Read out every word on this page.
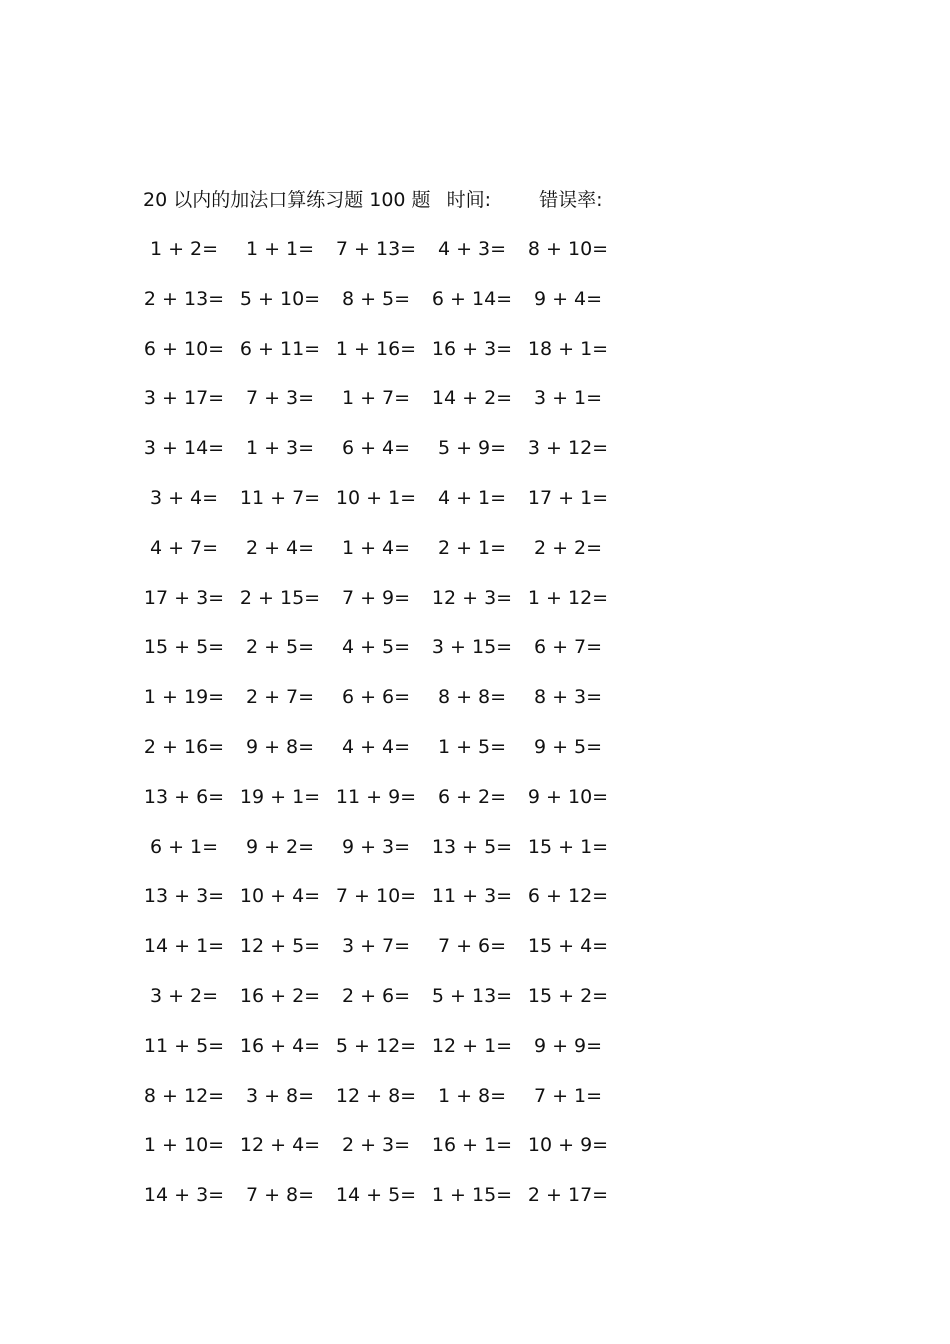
20 以内的加法口算练习题 100 题 时间:	错误率:
1 + 2=	1 + 1=	7 + 13=	4 + 3=	8 + 10=
2 + 13= 5 + 10=	8 + 5=	6 + 14=	9 + 4=
6 + 10= 6 + 11= 1 + 16= 16 + 3= 18 + 1=
3 + 17=	7 + 3=	1 + 7=	14 + 2=	3 + 1=
3 + 14=	1 + 3=	6 + 4=	5 + 9=	3 + 12=
3 + 4=	11 + 7= 10 + 1=	4 + 1=	17 + 1=
4 + 7=	2 + 4=	1 + 4=	2 + 1=	2 + 2=
17 + 3= 2 + 15=	7 + 9=	12 + 3= 1 + 12=
15 + 5=	2 + 5=	4 + 5=	3 + 15=	6 + 7=
1 + 19=	2 + 7=	6 + 6=	8 + 8=	8 + 3=
2 + 16=	9 + 8=	4 + 4=	1 + 5=	9 + 5=
13 + 6= 19 + 1= 11 + 9=	6 + 2=	9 + 10=
6 + 1=	9 + 2=	9 + 3=	13 + 5= 15 + 1=
13 + 3= 10 + 4= 7 + 10= 11 + 3= 6 + 12=
14 + 1= 12 + 5=	3 + 7=	7 + 6=	15 + 4=
3 + 2=	16 + 2=	2 + 6=	5 + 13= 15 + 2=
11 + 5= 16 + 4= 5 + 12= 12 + 1=	9 + 9=
8 + 12=	3 + 8=	12 + 8=	1 + 8=	7 + 1=
1 + 10= 12 + 4=	2 + 3=	16 + 1= 10 + 9=
14 + 3=	7 + 8=	14 + 5= 1 + 15= 2 + 17=
